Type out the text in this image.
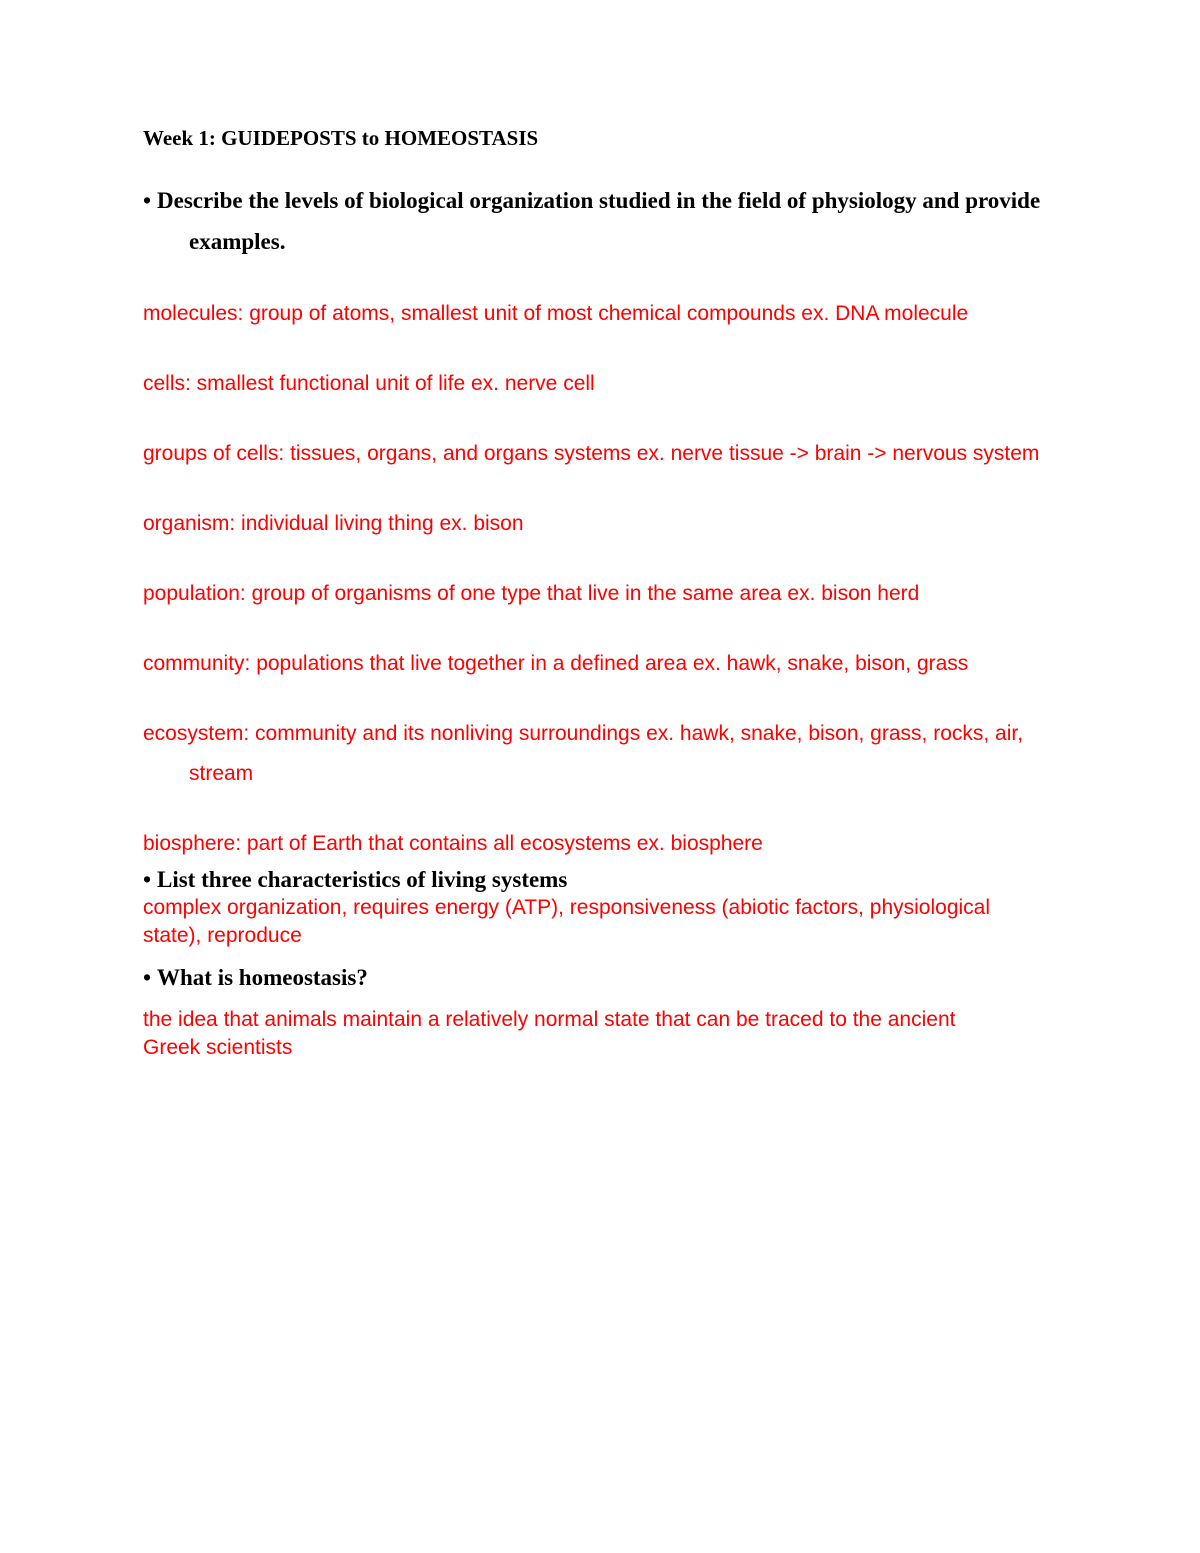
Week 1: GUIDEPOSTS to HOMEOSTASIS

• Describe the levels of biological organization studied in the field of physiology and provide examples.

molecules: group of atoms, smallest unit of most chemical compounds ex. DNA molecule

cells: smallest functional unit of life ex. nerve cell

groups of cells: tissues, organs, and organs systems ex. nerve tissue -> brain -> nervous system

organism: individual living thing ex. bison

population: group of organisms of one type that live in the same area ex. bison herd

community: populations that live together in a defined area ex. hawk, snake, bison, grass

ecosystem: community and its nonliving surroundings ex. hawk, snake, bison, grass, rocks, air, stream

biosphere: part of Earth that contains all ecosystems ex. biosphere

• List three characteristics of living systems

complex organization, requires energy (ATP), responsiveness (abiotic factors, physiological state), reproduce

• What is homeostasis?

the idea that animals maintain a relatively normal state that can be traced to the ancient Greek scientists
